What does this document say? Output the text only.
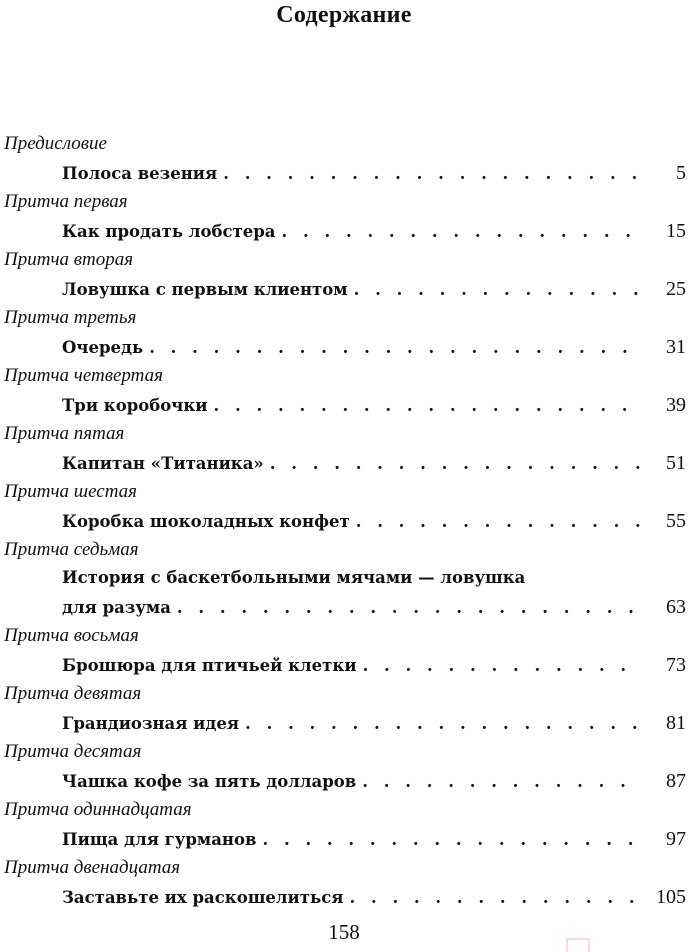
Содержание
Предисловие
Полоса везения . . .	5
Притча первая
Как продать лобстера . . .	15
Притча вторая
Ловушка с первым клиентом . . .	25
Притча третья
Очередь . . .	31
Притча четвертая
Три коробочки . . .	39
Притча пятая
Капитан «Титаника» . . .	51
Притча шестая
Коробка шоколадных конфет . . .	55
Притча седьмая
История с баскетбольными мячами — ловушка
для разума . . .	63
Притча восьмая
Брошюра для птичьей клетки . . .	73
Притча девятая
Грандиозная идея . . .	81
Притча десятая
Чашка кофе за пять долларов . . .	87
Притча одиннадцатая
Пища для гурманов . . .	97
Притча двенадцатая
Заставьте их раскошелиться . . .	105
158
